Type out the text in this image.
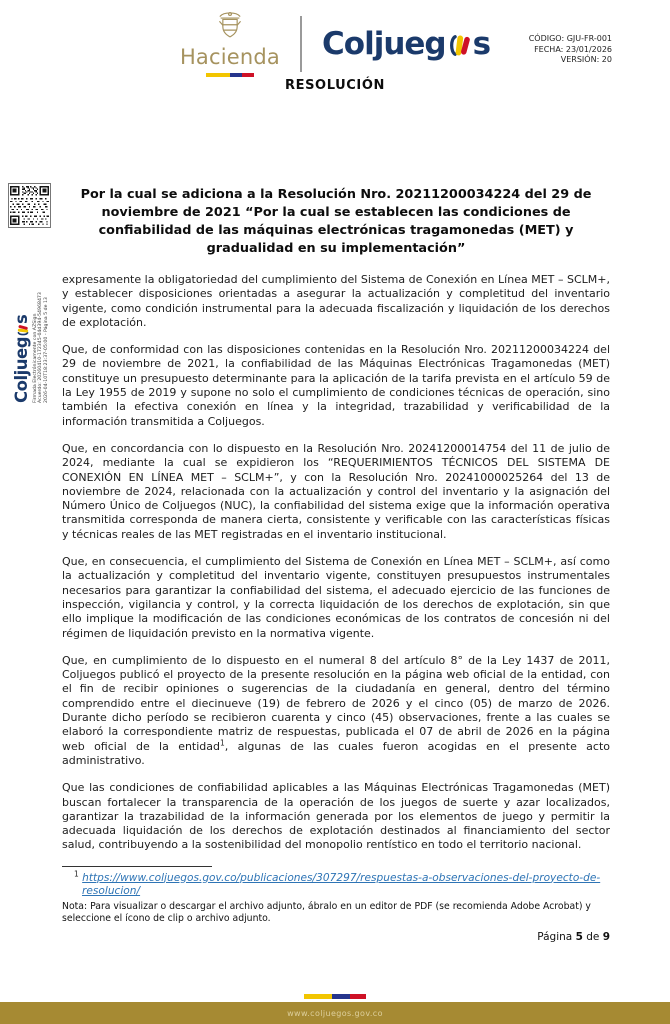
Hacienda Coljueg s	CÓDIGO: GJU-FR-001
FECHA: 23/01/2026
VERSIÓN: 20
RESOLUCIÓN
Coljueg
s Firmada Electrónicamente con AZSign Acuerdo: 20260410-172345-04d394-54968473 2026-04-10T18:23:37-05:00 - Página 5 de 13
Por la cual se adiciona a la Resolución Nro. 20211200034224 del 29 de noviembre de 2021 “Por la cual se establecen las condiciones de confiabilidad de las máquinas electrónicas tragamonedas (MET) y gradualidad en su implementación”

expresamente la obligatoriedad del cumplimiento del Sistema de Conexión en Línea MET – SCLM+, y establecer disposiciones orientadas a asegurar la actualización y completitud del inventario vigente, como condición instrumental para la adecuada fiscalización y liquidación de los derechos de explotación.

Que, de conformidad con las disposiciones contenidas en la Resolución Nro. 20211200034224 del 29 de noviembre de 2021, la confiabilidad de las Máquinas Electrónicas Tragamonedas (MET) constituye un presupuesto determinante para la aplicación de la tarifa prevista en el artículo 59 de la Ley 1955 de 2019 y supone no solo el cumplimiento de condiciones técnicas de operación, sino también la efectiva conexión en línea y la integridad, trazabilidad y verificabilidad de la información transmitida a Coljuegos.

Que, en concordancia con lo dispuesto en la Resolución Nro. 20241200014754 del 11 de julio de 2024, mediante la cual se expidieron los “REQUERIMIENTOS TÉCNICOS DEL SISTEMA DE CONEXIÓN EN LÍNEA MET – SCLM+”, y con la Resolución Nro. 20241000025264 del 13 de noviembre de 2024, relacionada con la actualización y control del inventario y la asignación del Número Único de Coljuegos (NUC), la confiabilidad del sistema exige que la información operativa transmitida corresponda de manera cierta, consistente y verificable con las características físicas y técnicas reales de las MET registradas en el inventario institucional.

Que, en consecuencia, el cumplimiento del Sistema de Conexión en Línea MET – SCLM+, así como la actualización y completitud del inventario vigente, constituyen presupuestos instrumentales necesarios para garantizar la confiabilidad del sistema, el adecuado ejercicio de las funciones de inspección, vigilancia y control, y la correcta liquidación de los derechos de explotación, sin que ello implique la modificación de las condiciones económicas de los contratos de concesión ni del régimen de liquidación previsto en la normativa vigente.

Que, en cumplimiento de lo dispuesto en el numeral 8 del artículo 8° de la Ley 1437 de 2011, Coljuegos publicó el proyecto de la presente resolución en la página web oficial de la entidad, con el fin de recibir opiniones o sugerencias de la ciudadanía en general, dentro del término comprendido entre el diecinueve (19) de febrero de 2026 y el cinco (05) de marzo de 2026. Durante dicho período se recibieron cuarenta y cinco (45) observaciones, frente a las cuales se elaboró la correspondiente matriz de respuestas, publicada el 07 de abril de 2026 en la página web oficial de la entidad$^1$, algunas de las cuales fueron acogidas en el presente acto administrativo.

Que las condiciones de confiabilidad aplicables a las Máquinas Electrónicas Tragamonedas (MET) buscan fortalecer la transparencia de la operación de los juegos de suerte y azar localizados, garantizar la trazabilidad de la información generada por los elementos de juego y permitir la adecuada liquidación de los derechos de explotación destinados al financiamiento del sector salud, contribuyendo a la sostenibilidad del monopolio rentístico en todo el territorio nacional.

$^1$ https://www.coljuegos.gov.co/publicaciones/307297/respuestas-a-observaciones-del-proyecto-de-resolucion/
Nota: Para visualizar o descargar el archivo adjunto, ábralo en un editor de PDF (se recomienda Adobe Acrobat) y seleccione el ícono de clip o archivo adjunto.
Página 5 de 9
www.coljuegos.gov.co
